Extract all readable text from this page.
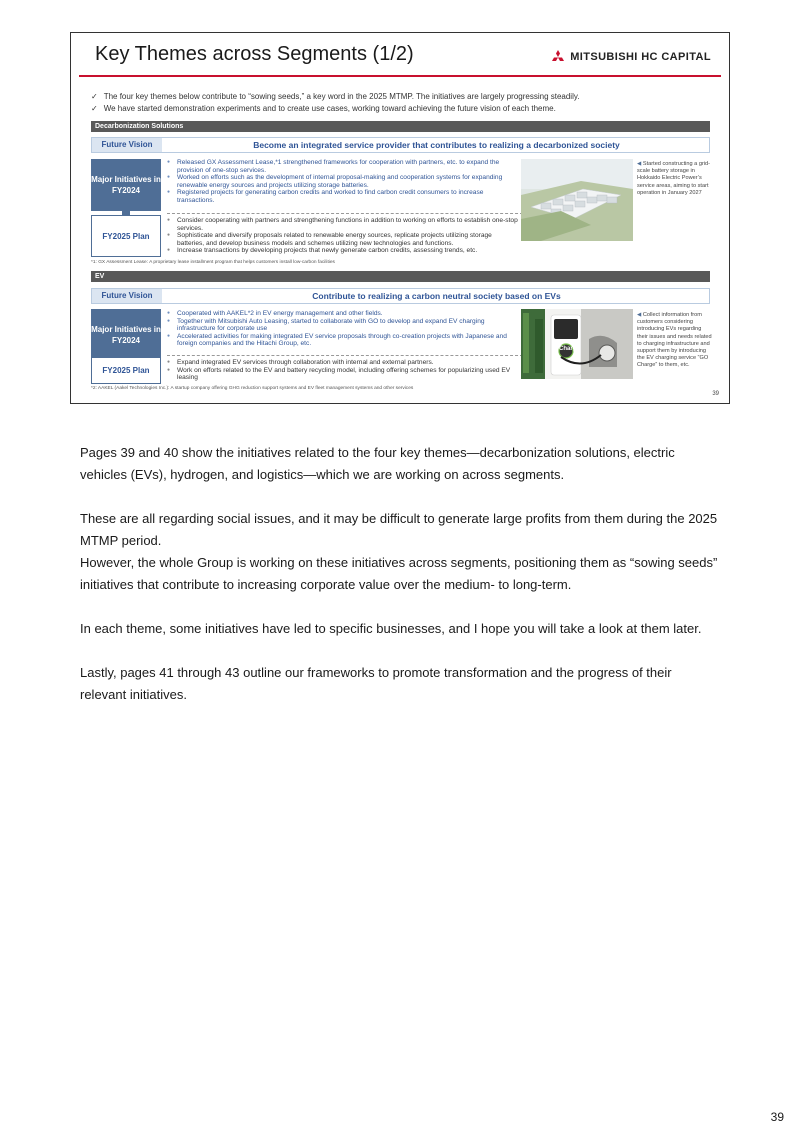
Key Themes across Segments (1/2)	MITSUBISHI HC CAPITAL
✓ The four key themes below contribute to “sowing seeds,” a key word in the 2025 MTMP. The initiatives are largely progressing steadily.
✓ We have started demonstration experiments and to create use cases, working toward achieving the future vision of each theme.
Decarbonization Solutions
Future Vision	Become an integrated service provider that contributes to realizing a decarbonized society
Major Initiatives in FY2024
FY2025 Plan
● Released GX Assessment Lease,*1 strengthened frameworks for cooperation with partners, etc. to expand the provision of one-stop services.
● Worked on efforts such as the development of internal proposal-making and cooperation systems for expanding renewable energy sources and projects utilizing storage batteries.
● Registered projects for generating carbon credits and worked to find carbon credit consumers to increase transactions.
● Consider cooperating with partners and strengthening functions in addition to working on efforts to establish one-stop services.
● Sophisticate and diversify proposals related to renewable energy sources, replicate projects utilizing storage batteries, and develop business models and schemes utilizing new technologies and functions.
● Increase transactions by developing projects that newly generate carbon credits, assessing trends, etc.
◀ Started constructing a grid-scale battery storage in Hokkaido Electric Power’s service areas, aiming to start operation in January 2027
*1: GX Assessment Lease: A proprietary lease installment program that helps customers install low-carbon facilities
EV
Future Vision	Contribute to realizing a carbon neutral society based on EVs
Major Initiatives in FY2024
FY2025 Plan
● Cooperated with AAKEL*2 in EV energy management and other fields.
● Together with Mitsubishi Auto Leasing, started to collaborate with GO to develop and expand EV charging infrastructure for corporate use
● Accelerated activities for making integrated EV service proposals through co-creation projects with Japanese and foreign companies and the Hitachi Group, etc.
● Expand integrated EV services through collaboration with internal and external partners.
● Work on efforts related to the EV and battery recycling model, including offering schemes for popularizing used EV leasing
Charge
◀ Collect information from customers considering introducing EVs regarding their issues and needs related to charging infrastructure and support them by introducing the EV charging service “GO Charge” to them, etc.
*2: AAKEL (Aakel Technologies Inc.): A startup company offering GHG reduction support systems and EV fleet management systems and other services
39

Pages 39 and 40 show the initiatives related to the four key themes—decarbonization solutions, electric vehicles (EVs), hydrogen, and logistics—which we are working on across segments.

These are all regarding social issues, and it may be difficult to generate large profits from them during the 2025 MTMP period.

However, the whole Group is working on these initiatives across segments, positioning them as “sowing seeds” initiatives that contribute to increasing corporate value over the medium- to long-term.

In each theme, some initiatives have led to specific businesses, and I hope you will take a look at them later.

Lastly, pages 41 through 43 outline our frameworks to promote transformation and the progress of their relevant initiatives.

39
